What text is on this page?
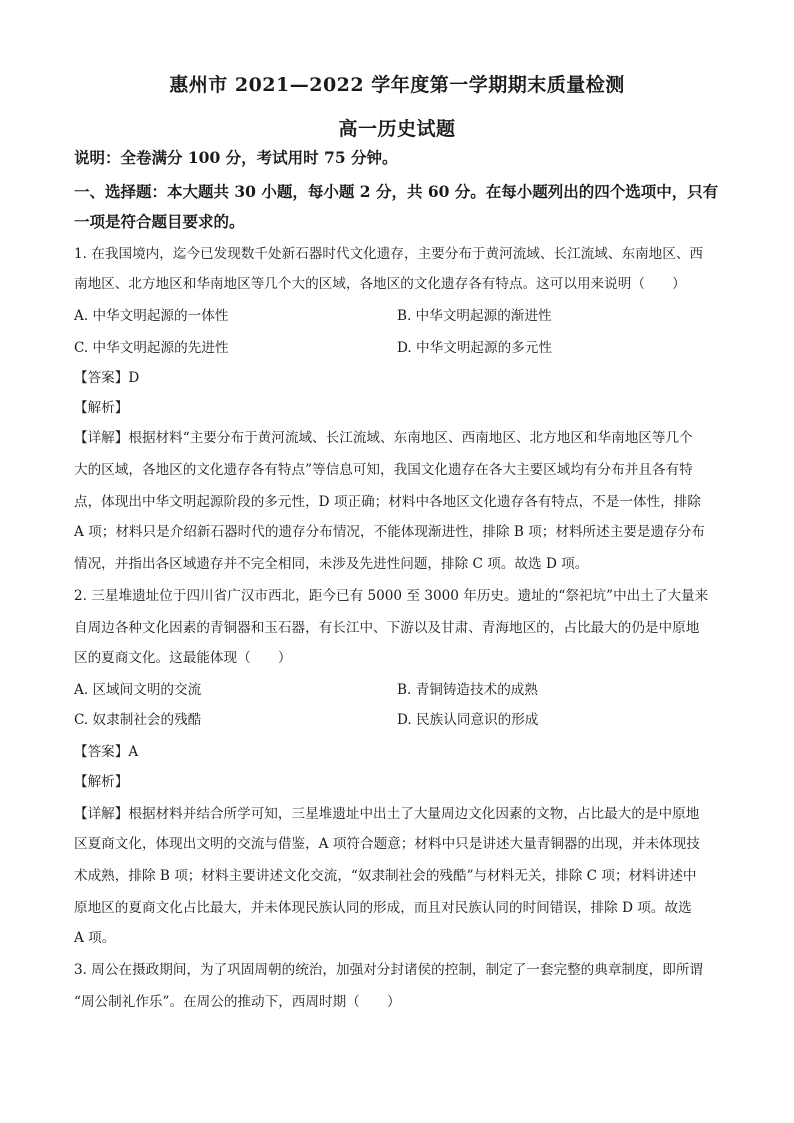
惠州市 2021—2022 学年度第一学期期末质量检测
高一历史试题
说明：全卷满分 100 分，考试用时 75 分钟。
一、选择题：本大题共 30 小题，每小题 2 分，共 60 分。在每小题列出的四个选项中，只有
一项是符合题目要求的。
1. 在我国境内，迄今已发现数千处新石器时代文化遗存，主要分布于黄河流域、长江流域、东南地区、西
南地区、北方地区和华南地区等几个大的区域，各地区的文化遗存各有特点。这可以用来说明（　　）
A. 中华文明起源的一体性	B. 中华文明起源的渐进性
C. 中华文明起源的先进性	D. 中华文明起源的多元性
【答案】D
【解析】
【详解】根据材料“主要分布于黄河流域、长江流域、东南地区、西南地区、北方地区和华南地区等几个
大的区域，各地区的文化遗存各有特点”等信息可知，我国文化遗存在各大主要区域均有分布并且各有特
点，体现出中华文明起源阶段的多元性，D 项正确；材料中各地区文化遗存各有特点，不是一体性，排除
A 项；材料只是介绍新石器时代的遗存分布情况，不能体现渐进性，排除 B 项；材料所述主要是遗存分布
情况，并指出各区域遗存并不完全相同，未涉及先进性问题，排除 C 项。故选 D 项。
2. 三星堆遗址位于四川省广汉市西北，距今已有 5000 至 3000 年历史。遗址的“祭祀坑”中出土了大量来
自周边各种文化因素的青铜器和玉石器，有长江中、下游以及甘肃、青海地区的，占比最大的仍是中原地
区的夏商文化。这最能体现（　　）
A. 区域间文明的交流	B. 青铜铸造技术的成熟
C. 奴隶制社会的残酷	D. 民族认同意识的形成
【答案】A
【解析】
【详解】根据材料并结合所学可知，三星堆遗址中出土了大量周边文化因素的文物，占比最大的是中原地
区夏商文化，体现出文明的交流与借鉴，A 项符合题意；材料中只是讲述大量青铜器的出现，并未体现技
术成熟，排除 B 项；材料主要讲述文化交流，“奴隶制社会的残酷”与材料无关，排除 C 项；材料讲述中
原地区的夏商文化占比最大，并未体现民族认同的形成，而且对民族认同的时间错误，排除 D 项。故选
A 项。
3. 周公在摄政期间，为了巩固周朝的统治，加强对分封诸侯的控制，制定了一套完整的典章制度，即所谓
“周公制礼作乐”。在周公的推动下，西周时期（　　）
